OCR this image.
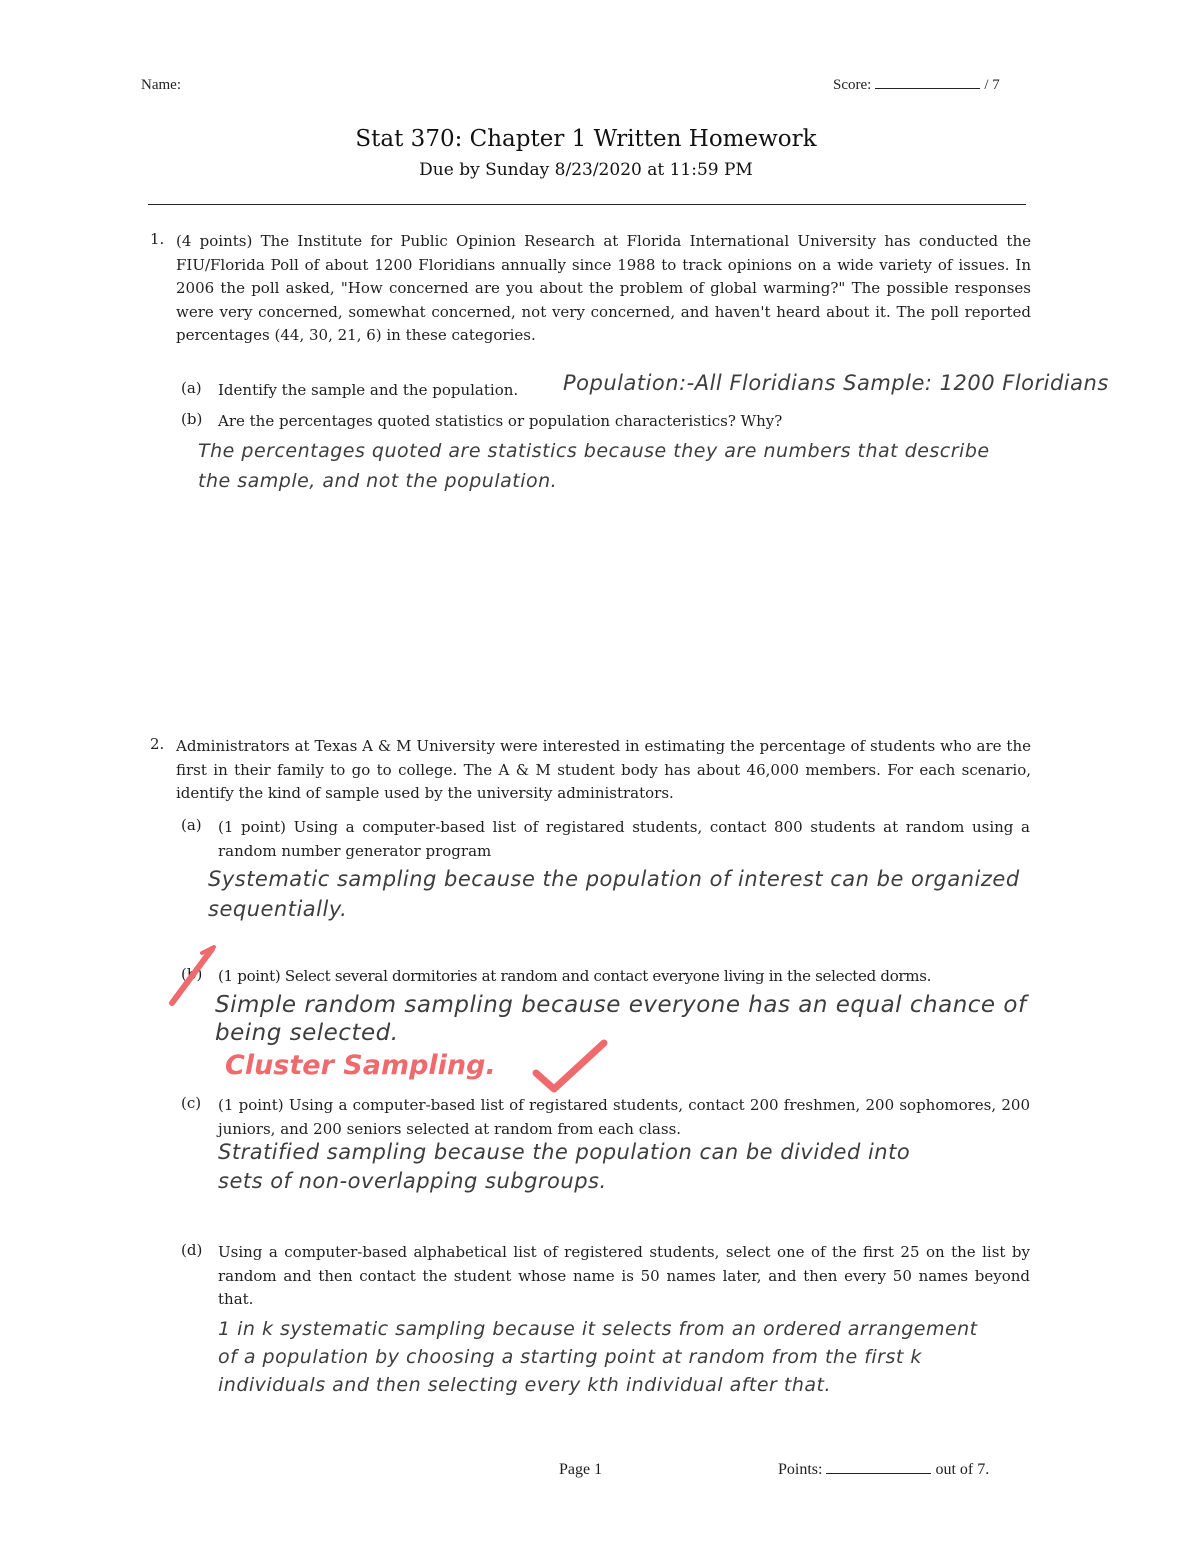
Name:	Score:	/ 7
Stat 370: Chapter 1 Written Homework
Due by Sunday 8/23/2020 at 11:59 PM
1. (4 points) The Institute for Public Opinion Research at Florida International University has conducted the FIU/Florida Poll of about 1200 Floridians annually since 1988 to track opinions on a wide variety of issues. In 2006 the poll asked, "How concerned are you about the problem of global warming?" The possible responses were very concerned, somewhat concerned, not very concerned, and haven't heard about it. The poll reported percentages (44, 30, 21, 6) in these categories.
(a) Identify the sample and the population. Population:-All Floridians Sample: 1200 Floridians
(b) Are the percentages quoted statistics or population characteristics? Why?
The percentages quoted are statistics because they are numbers that describe
the sample, and not the population.
2. Administrators at Texas A & M University were interested in estimating the percentage of students who are the first in their family to go to college. The A & M student body has about 46,000 members. For each scenario, identify the kind of sample used by the university administrators.
(a) (1 point) Using a computer-based list of registared students, contact 800 students at random using a random number generator program
Systematic sampling because the population of interest can be organized
sequentially.
(b) (1 point) Select several dormitories at random and contact everyone living in the selected dorms.
Simple random sampling because everyone has an equal chance of
being selected.
Cluster Sampling.
(c) (1 point) Using a computer-based list of registared students, contact 200 freshmen, 200 sophomores, 200 juniors, and 200 seniors selected at random from each class.
Stratified sampling because the population can be divided into
sets of non-overlapping subgroups.
(d) Using a computer-based alphabetical list of registered students, select one of the first 25 on the list by random and then contact the student whose name is 50 names later, and then every 50 names beyond that.
1 in k systematic sampling because it selects from an ordered arrangement
of a population by choosing a starting point at random from the first k
individuals and then selecting every kth individual after that.
Page 1	Points:	out of 7.
